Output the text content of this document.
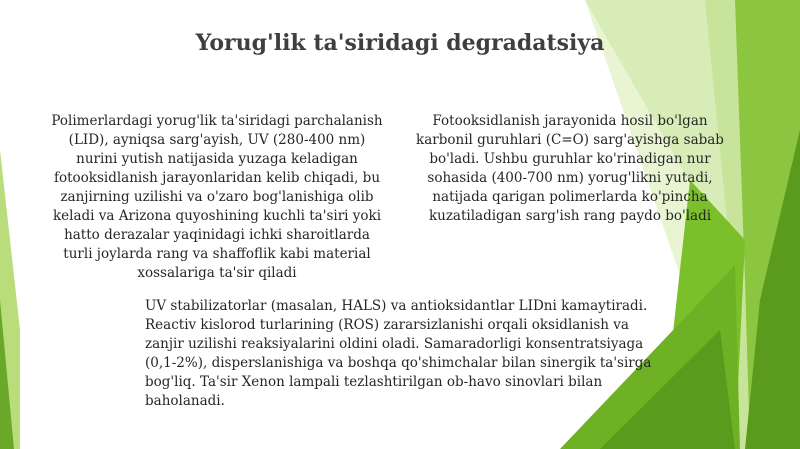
Yorug'lik ta'siridagi degradatsiya
Polimerlardagi yorug'lik ta'siridagi parchalanish (LID), ayniqsa sarg'ayish, UV (280-400 nm) nurini yutish natijasida yuzaga keladigan fotooksidlanish jarayonlaridan kelib chiqadi, bu zanjirning uzilishi va o'zaro bog'lanishiga olib keladi va Arizona quyoshining kuchli ta'siri yoki hatto derazalar yaqinidagi ichki sharoitlarda turli joylarda rang va shaffoflik kabi material xossalariga ta'sir qiladi
Fotooksidlanish jarayonida hosil bo'lgan karbonil guruhlari (C=O) sarg'ayishga sabab bo'ladi. Ushbu guruhlar ko'rinadigan nur sohasida (400-700 nm) yorug'likni yutadi, natijada qarigan polimerlarda ko'pincha kuzatiladigan sarg'ish rang paydo bo'ladi
UV stabilizatorlar (masalan, HALS) va antioksidantlar LIDni kamaytiradi. Reactiv kislorod turlarining (ROS) zararsizlanishi orqali oksidlanish va zanjir uzilishi reaksiyalarini oldini oladi. Samaradorligi konsentratsiyaga (0,1-2%), disperslanishiga va boshqa qo'shimchalar bilan sinergik ta'sirga bog'liq. Ta'sir Xenon lampali tezlashtirilgan ob-havo sinovlari bilan baholanadi.
